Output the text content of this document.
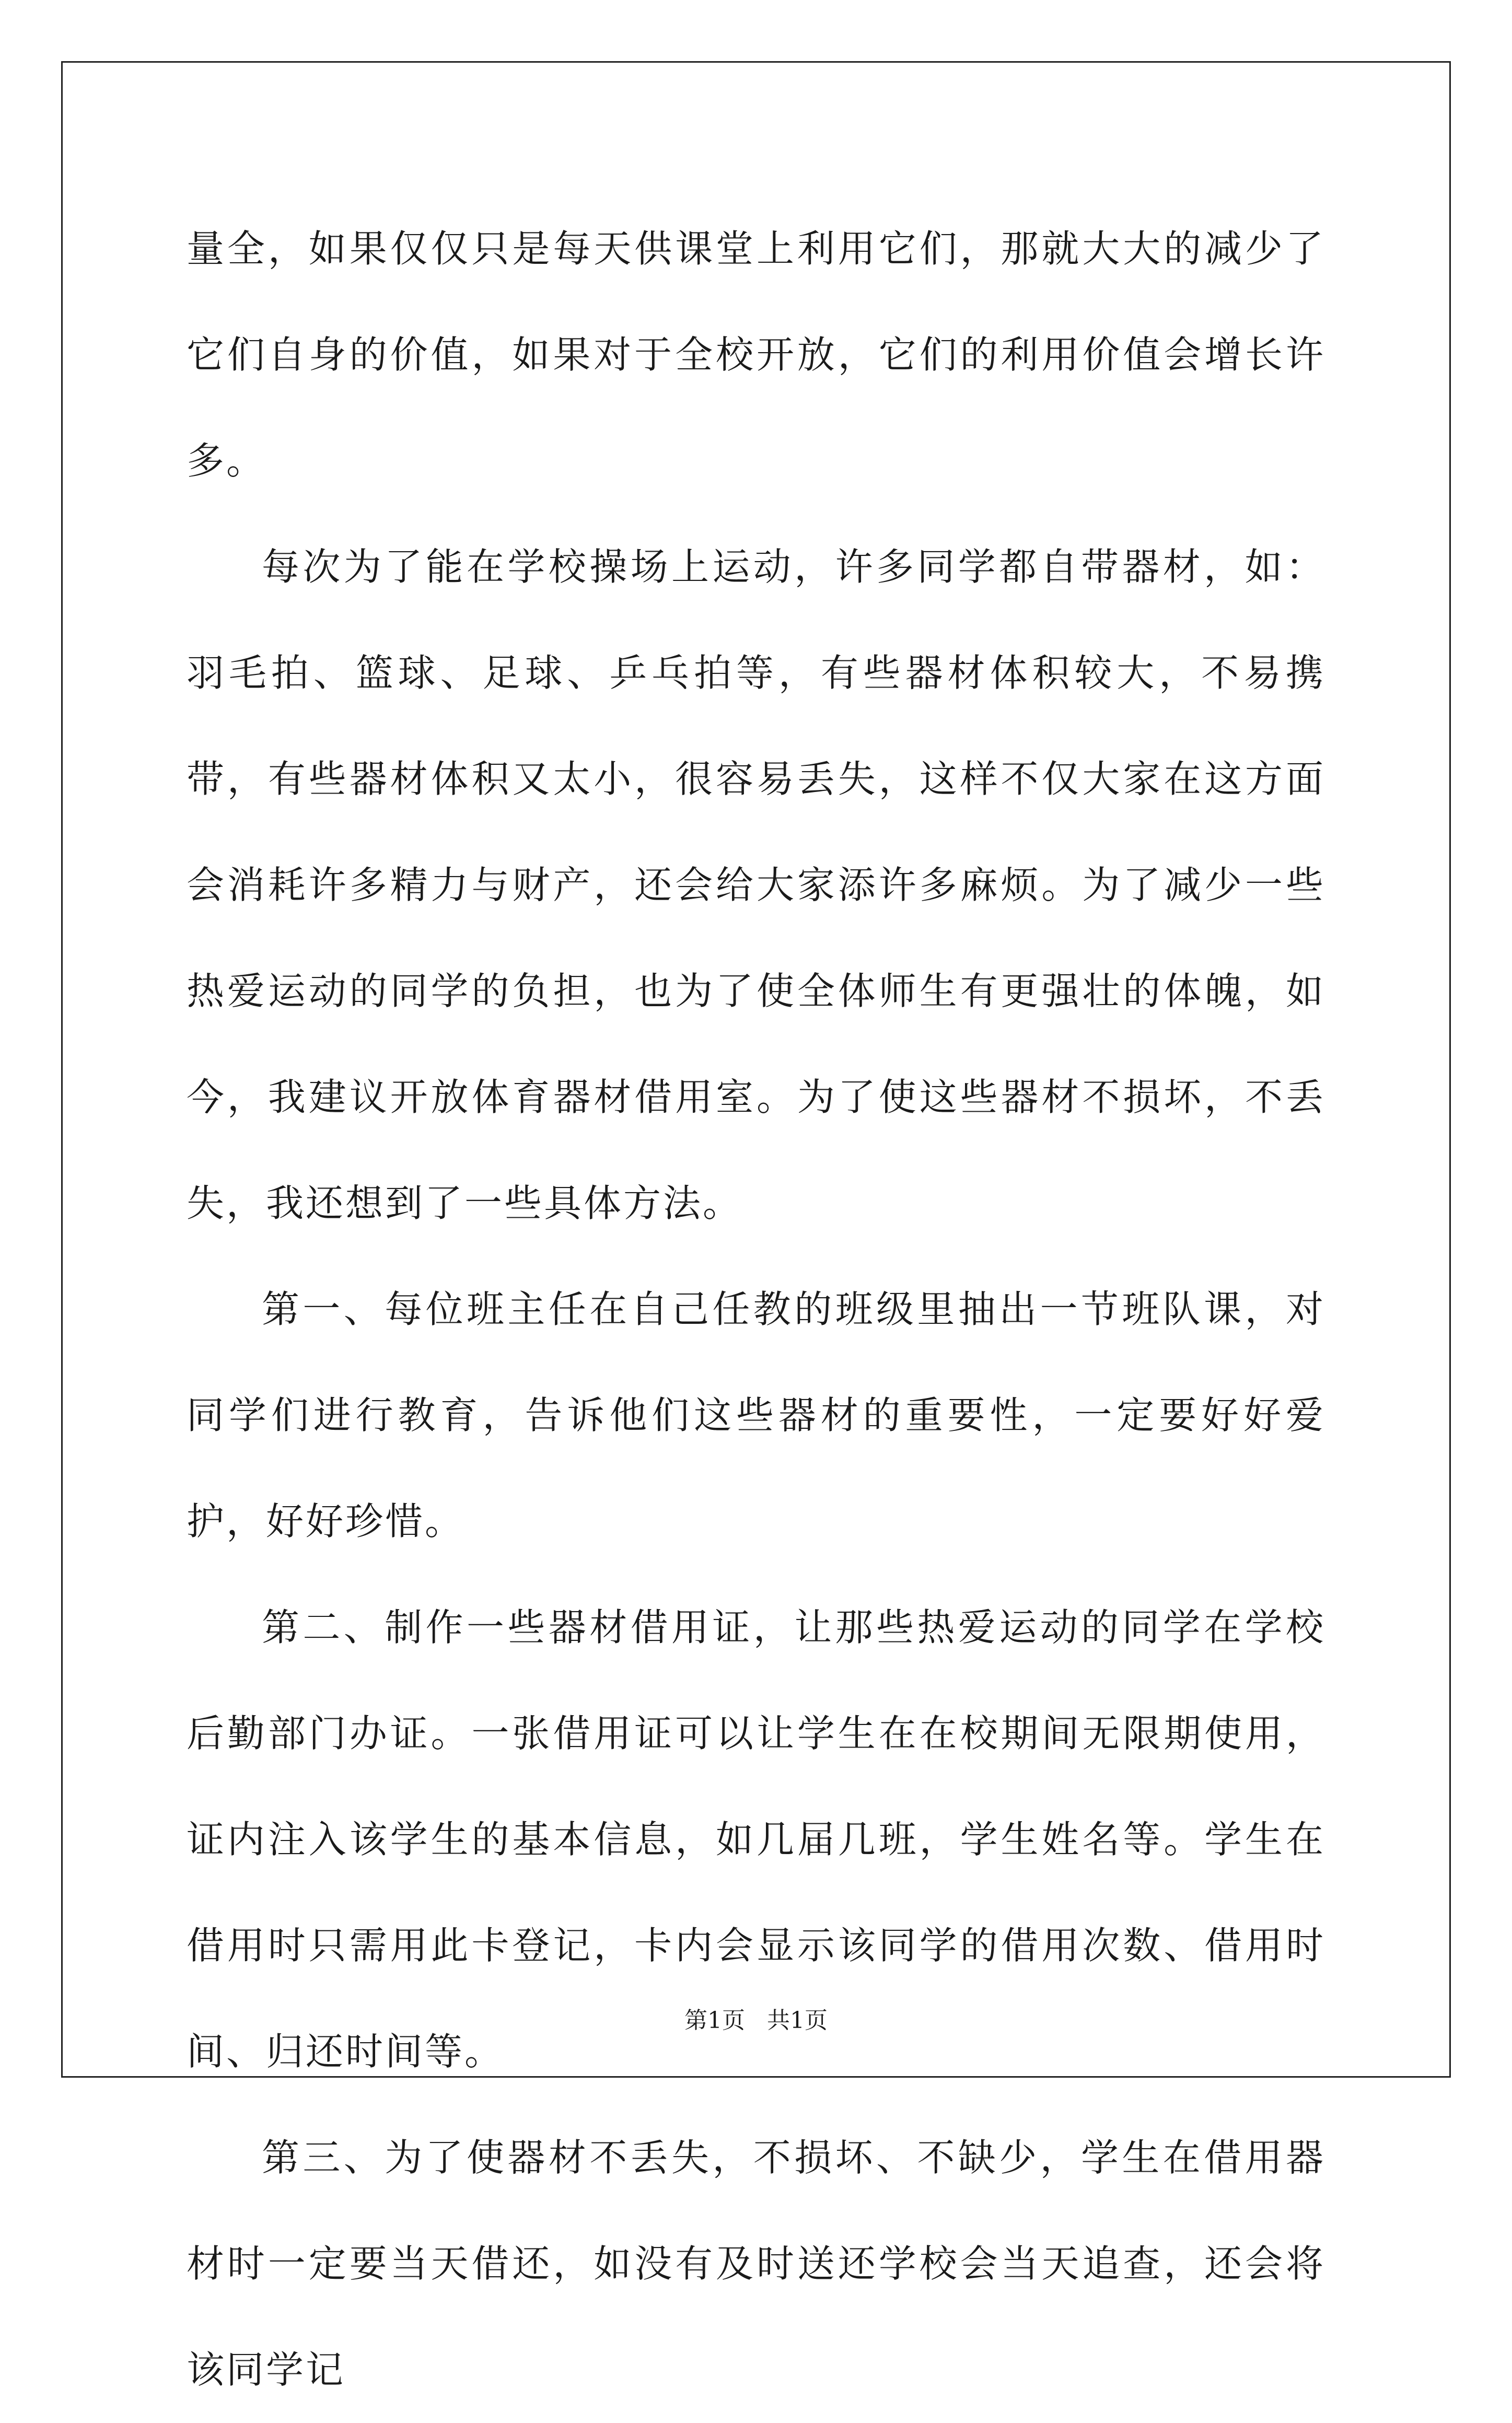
量全，如果仅仅只是每天供课堂上利用它们，那就大大的减少了它们自身的价值，如果对于全校开放，它们的利用价值会增长许多。

每次为了能在学校操场上运动，许多同学都自带器材，如：羽毛拍、篮球、足球、乒乓拍等，有些器材体积较大，不易携带，有些器材体积又太小，很容易丢失，这样不仅大家在这方面会消耗许多精力与财产，还会给大家添许多麻烦。为了减少一些热爱运动的同学的负担，也为了使全体师生有更强壮的体魄，如今，我建议开放体育器材借用室。为了使这些器材不损坏，不丢失，我还想到了一些具体方法。

第一、每位班主任在自己任教的班级里抽出一节班队课，对同学们进行教育，告诉他们这些器材的重要性，一定要好好爱护，好好珍惜。

第二、制作一些器材借用证，让那些热爱运动的同学在学校后勤部门办证。一张借用证可以让学生在在校期间无限期使用，证内注入该学生的基本信息，如几届几班，学生姓名等。学生在借用时只需用此卡登记，卡内会显示该同学的借用次数、借用时间、归还时间等。

第三、为了使器材不丢失，不损坏、不缺少，学生在借用器材时一定要当天借还，如没有及时送还学校会当天追查，还会将该同学记

第1页   共1页
